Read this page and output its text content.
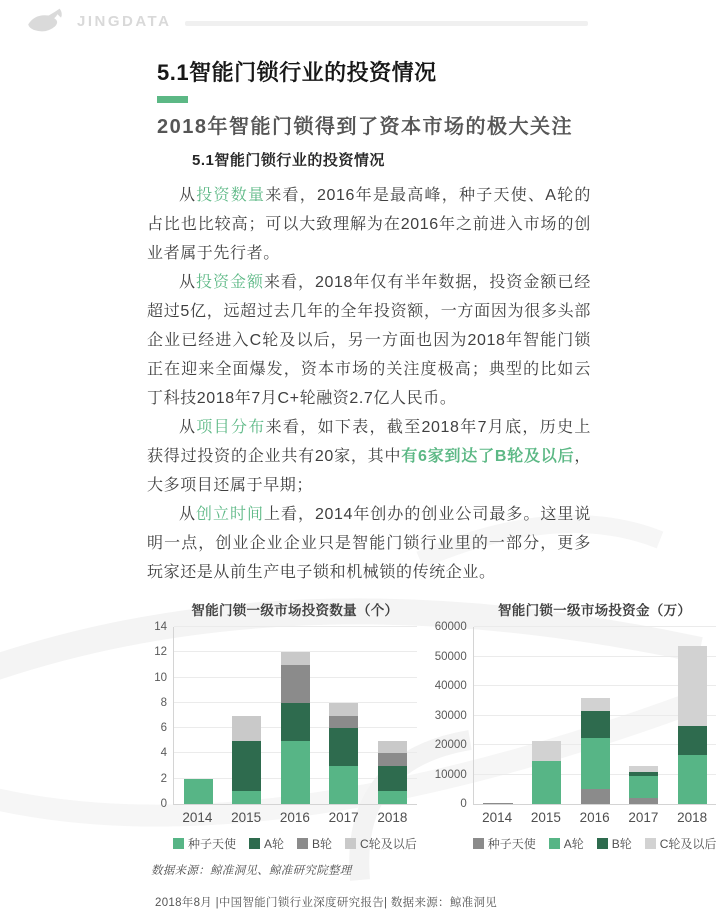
JINGDATA
5.1智能门锁行业的投资情况
2018年智能门锁得到了资本市场的极大关注
5.1智能门锁行业的投资情况

从投资数量来看，2016年是最高峰，种子天使、A轮的占比也比较高；可以大致理解为在2016年之前进入市场的创业者属于先行者。

从投资金额来看，2018年仅有半年数据，投资金额已经超过5亿，远超过去几年的全年投资额，一方面因为很多头部企业已经进入C轮及以后，另一方面也因为2018年智能门锁正在迎来全面爆发，资本市场的关注度极高；典型的比如云丁科技2018年7月C+轮融资2.7亿人民币。

从项目分布来看，如下表，截至2018年7月底，历史上获得过投资的企业共有20家，其中有6家到达了B轮及以后，大多项目还属于早期；

从创立时间上看，2014年创办的创业公司最多。这里说明一点，创业企业企业只是智能门锁行业里的一部分，更多玩家还是从前生产电子锁和机械锁的传统企业。

智能门锁一级市场投资数量（个）
0
2
4
6
8
10
12
14
2014	2015	2016	2017	2018
种子天使 A轮 B轮 C轮及以后
智能门锁一级市场投资金（万）
0
10000
20000
30000
40000
50000
60000
2014	2015	2016	2017	2018
种子天使 A轮 B轮 C轮及以后
数据来源：鲸准洞见、鲸准研究院整理
2018年8月 |中国智能门锁行业深度研究报告| 数据来源：鲸准洞见
